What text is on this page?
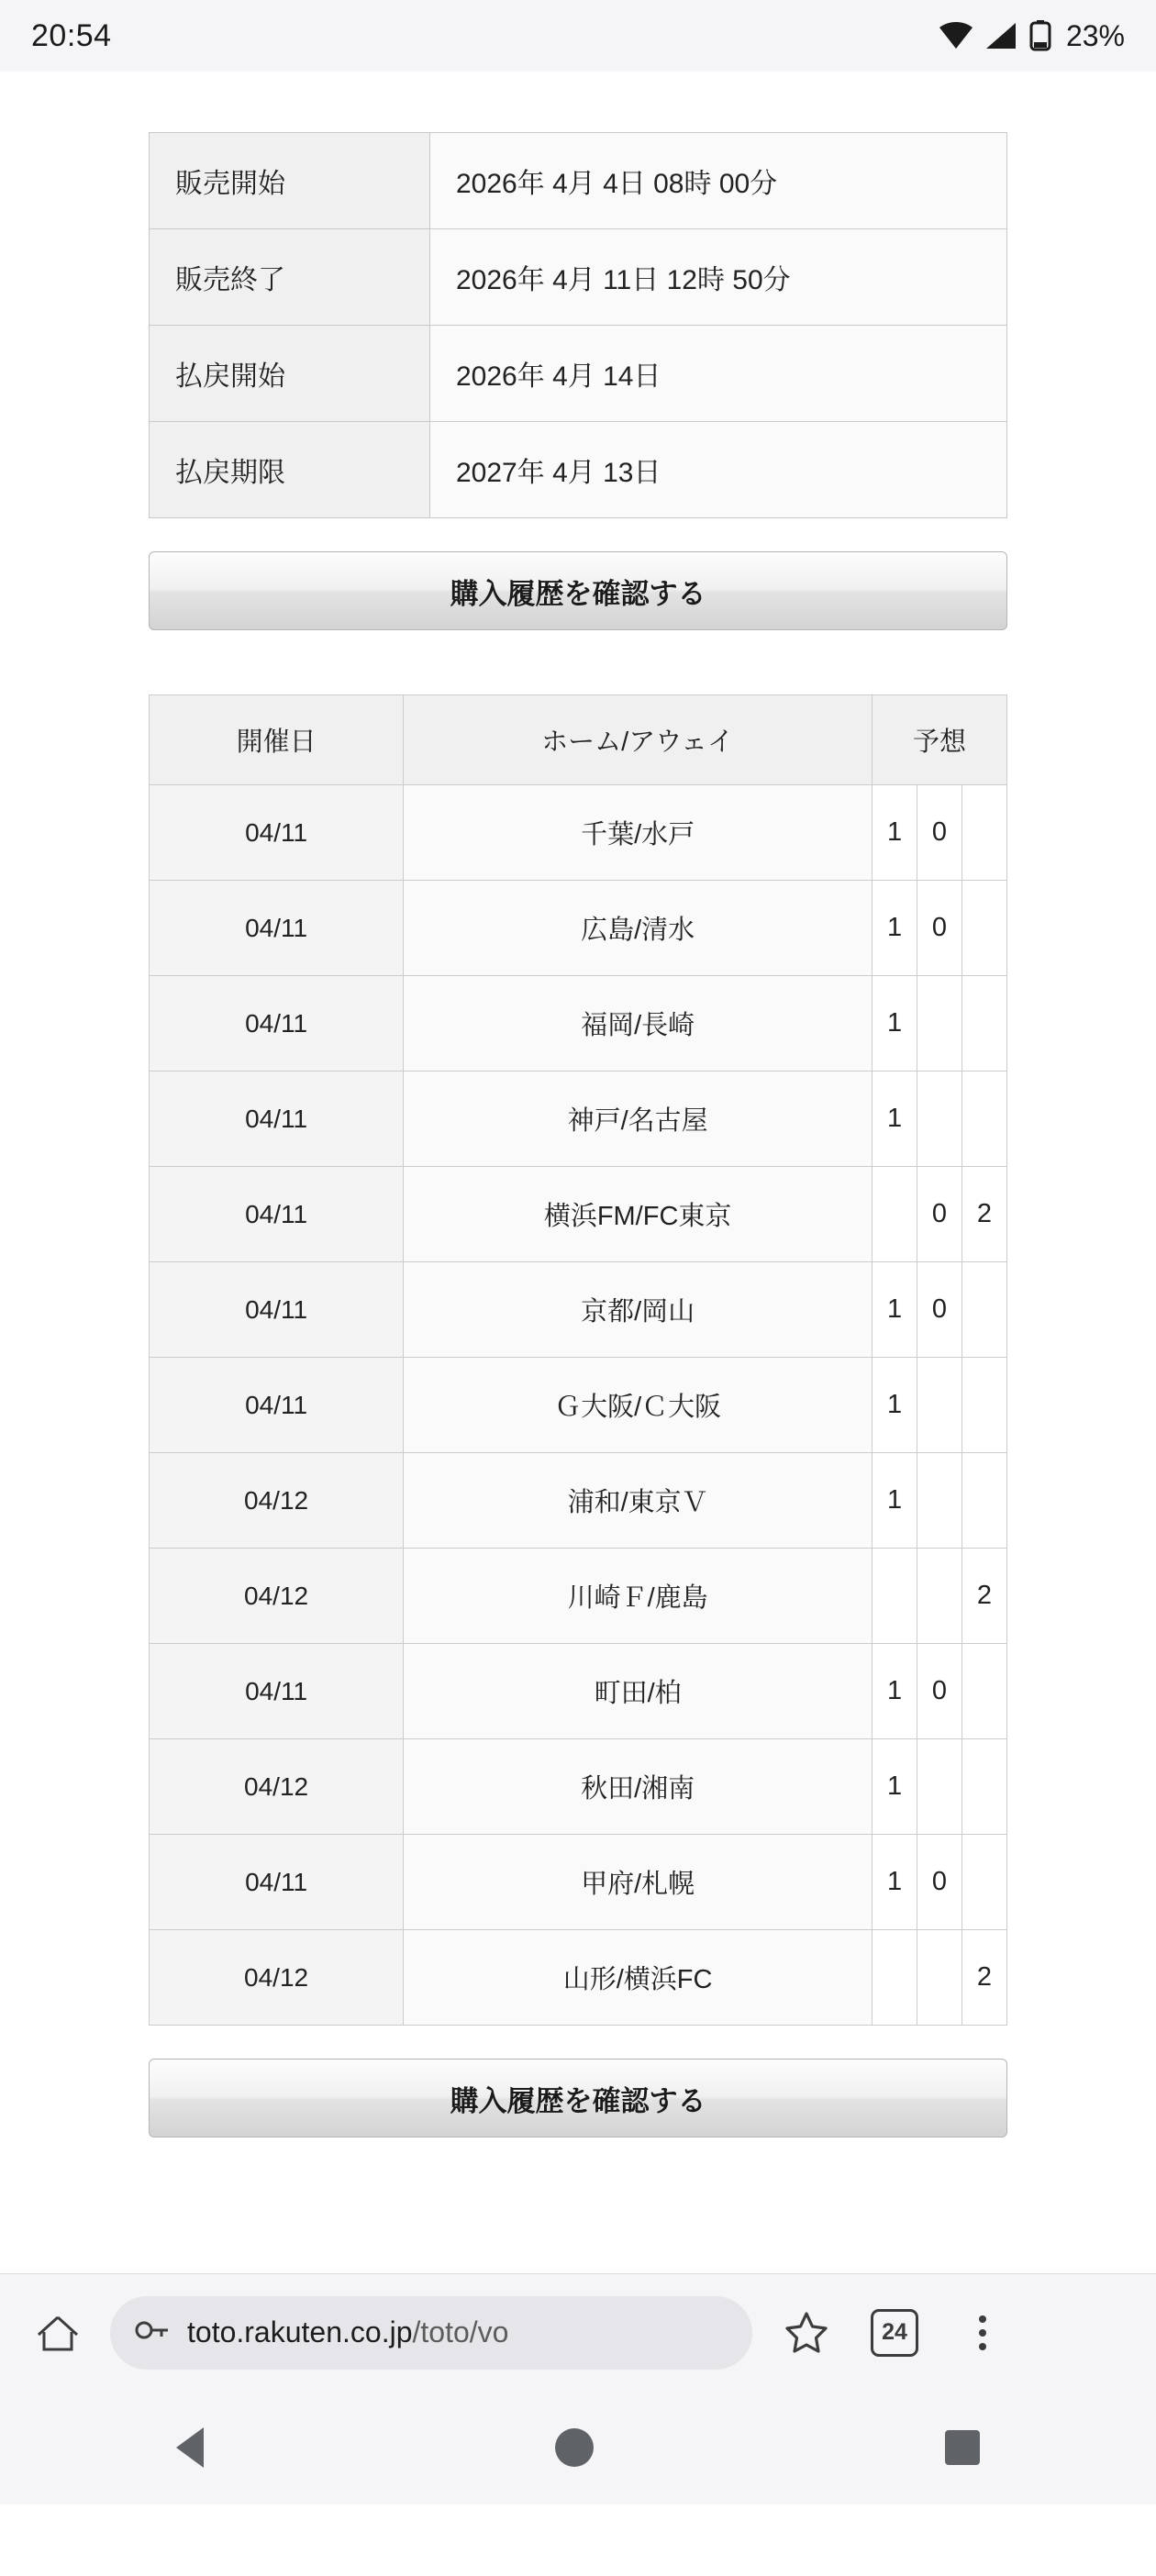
20:54	23%
販売開始	2026年 4月 4日 08時 00分
販売終了	2026年 4月 11日 12時 50分
払戻開始	2026年 4月 14日
払戻期限	2027年 4月 13日
購入履歴を確認する
開催日	ホーム/アウェイ	予想		
04/11	千葉/水戸	1	0	
04/11	広島/清水	1	0	
04/11	福岡/長崎	1		
04/11	神戸/名古屋	1		
04/11	横浜FM/FC東京		0	2
04/11	京都/岡山	1	0	
04/11	Ｇ大阪/Ｃ大阪	1		
04/12	浦和/東京Ｖ	1		
04/12	川崎Ｆ/鹿島			2
04/11	町田/柏	1	0	
04/12	秋田/湘南	1		
04/11	甲府/札幌	1	0	
04/12	山形/横浜FC			2
購入履歴を確認する
toto.rakuten.co.jp/toto/vo	24
